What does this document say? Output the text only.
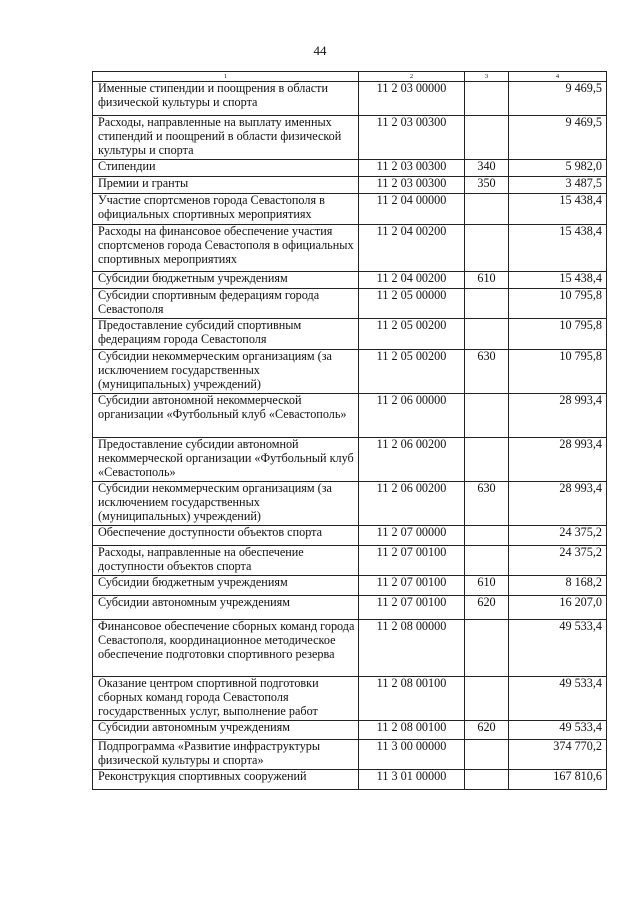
44
1	2	3	4
Именные стипендии и поощрения в области физической культуры и спорта	11 2 03 00000		9 469,5
Расходы, направленные на выплату именных стипендий и поощрений в области физической культуры и спорта	11 2 03 00300		9 469,5
Стипендии	11 2 03 00300	340	5 982,0
Премии и гранты	11 2 03 00300	350	3 487,5
Участие спортсменов города Севастополя в официальных спортивных мероприятиях	11 2 04 00000		15 438,4
Расходы на финансовое обеспечение участия спортсменов города Севастополя в официальных спортивных мероприятиях	11 2 04 00200		15 438,4
Субсидии бюджетным учреждениям	11 2 04 00200	610	15 438,4
Субсидии спортивным федерациям города Севастополя	11 2 05 00000		10 795,8
Предоставление субсидий спортивным федерациям города Севастополя	11 2 05 00200		10 795,8
Субсидии некоммерческим организациям (за исключением государственных (муниципальных) учреждений)	11 2 05 00200	630	10 795,8
Субсидии автономной некоммерческой организации «Футбольный клуб «Севастополь»	11 2 06 00000		28 993,4
Предоставление субсидии автономной некоммерческой организации «Футбольный клуб «Севастополь»	11 2 06 00200		28 993,4
Субсидии некоммерческим организациям (за исключением государственных (муниципальных) учреждений)	11 2 06 00200	630	28 993,4
Обеспечение доступности объектов спорта	11 2 07 00000		24 375,2
Расходы, направленные на обеспечение доступности объектов спорта	11 2 07 00100		24 375,2
Субсидии бюджетным учреждениям	11 2 07 00100	610	8 168,2
Субсидии автономным учреждениям	11 2 07 00100	620	16 207,0
Финансовое обеспечение сборных команд города Севастополя, координационное методическое обеспечение подготовки спортивного резерва	11 2 08 00000		49 533,4
Оказание центром спортивной подготовки сборных команд города Севастополя государственных услуг, выполнение работ	11 2 08 00100		49 533,4
Субсидии автономным учреждениям	11 2 08 00100	620	49 533,4
Подпрограмма «Развитие инфраструктуры физической культуры и спорта»	11 3 00 00000		374 770,2
Реконструкция спортивных сооружений	11 3 01 00000		167 810,6
